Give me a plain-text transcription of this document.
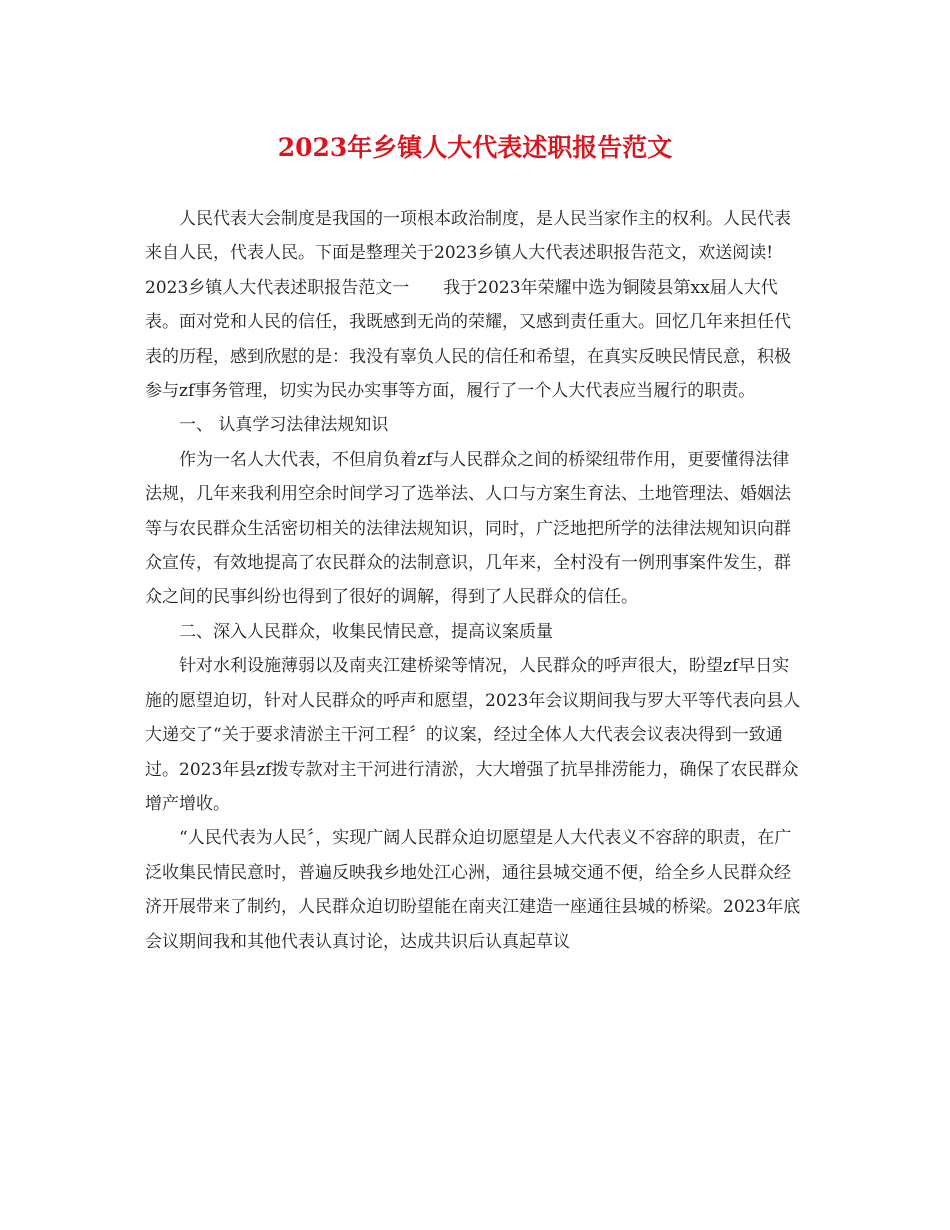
2023年乡镇人大代表述职报告范文

人民代表大会制度是我国的一项根本政治制度，是人民当家作主的权利。人民代表来自人民，代表人民。下面是整理关于2023乡镇人大代表述职报告范文，欢送阅读!

2023乡镇人大代表述职报告范文一　　我于2023年荣耀中选为铜陵县第xx届人大代表。面对党和人民的信任，我既感到无尚的荣耀，又感到责任重大。回忆几年来担任代表的历程，感到欣慰的是：我没有辜负人民的信任和希望，在真实反映民情民意，积极参与zf事务管理，切实为民办实事等方面，履行了一个人大代表应当履行的职责。

一、 认真学习法律法规知识

作为一名人大代表，不但肩负着zf与人民群众之间的桥梁纽带作用，更要懂得法律法规，几年来我利用空余时间学习了选举法、人口与方案生育法、土地管理法、婚姻法等与农民群众生活密切相关的法律法规知识，同时，广泛地把所学的法律法规知识向群众宣传，有效地提高了农民群众的法制意识，几年来，全村没有一例刑事案件发生，群众之间的民事纠纷也得到了很好的调解，得到了人民群众的信任。

二、深入人民群众，收集民情民意，提高议案质量

针对水利设施薄弱以及南夹江建桥梁等情况，人民群众的呼声很大，盼望zf早日实施的愿望迫切，针对人民群众的呼声和愿望，2023年会议期间我与罗大平等代表向县人大递交了“关于要求清淤主干河工程〞的议案，经过全体人大代表会议表决得到一致通过。2023年县zf拨专款对主干河进行清淤，大大增强了抗旱排涝能力，确保了农民群众增产增收。

“人民代表为人民〞，实现广阔人民群众迫切愿望是人大代表义不容辞的职责，在广泛收集民情民意时，普遍反映我乡地处江心洲，通往县城交通不便，给全乡人民群众经济开展带来了制约，人民群众迫切盼望能在南夹江建造一座通往县城的桥梁。2023年底会议期间我和其他代表认真讨论，达成共识后认真起草议
